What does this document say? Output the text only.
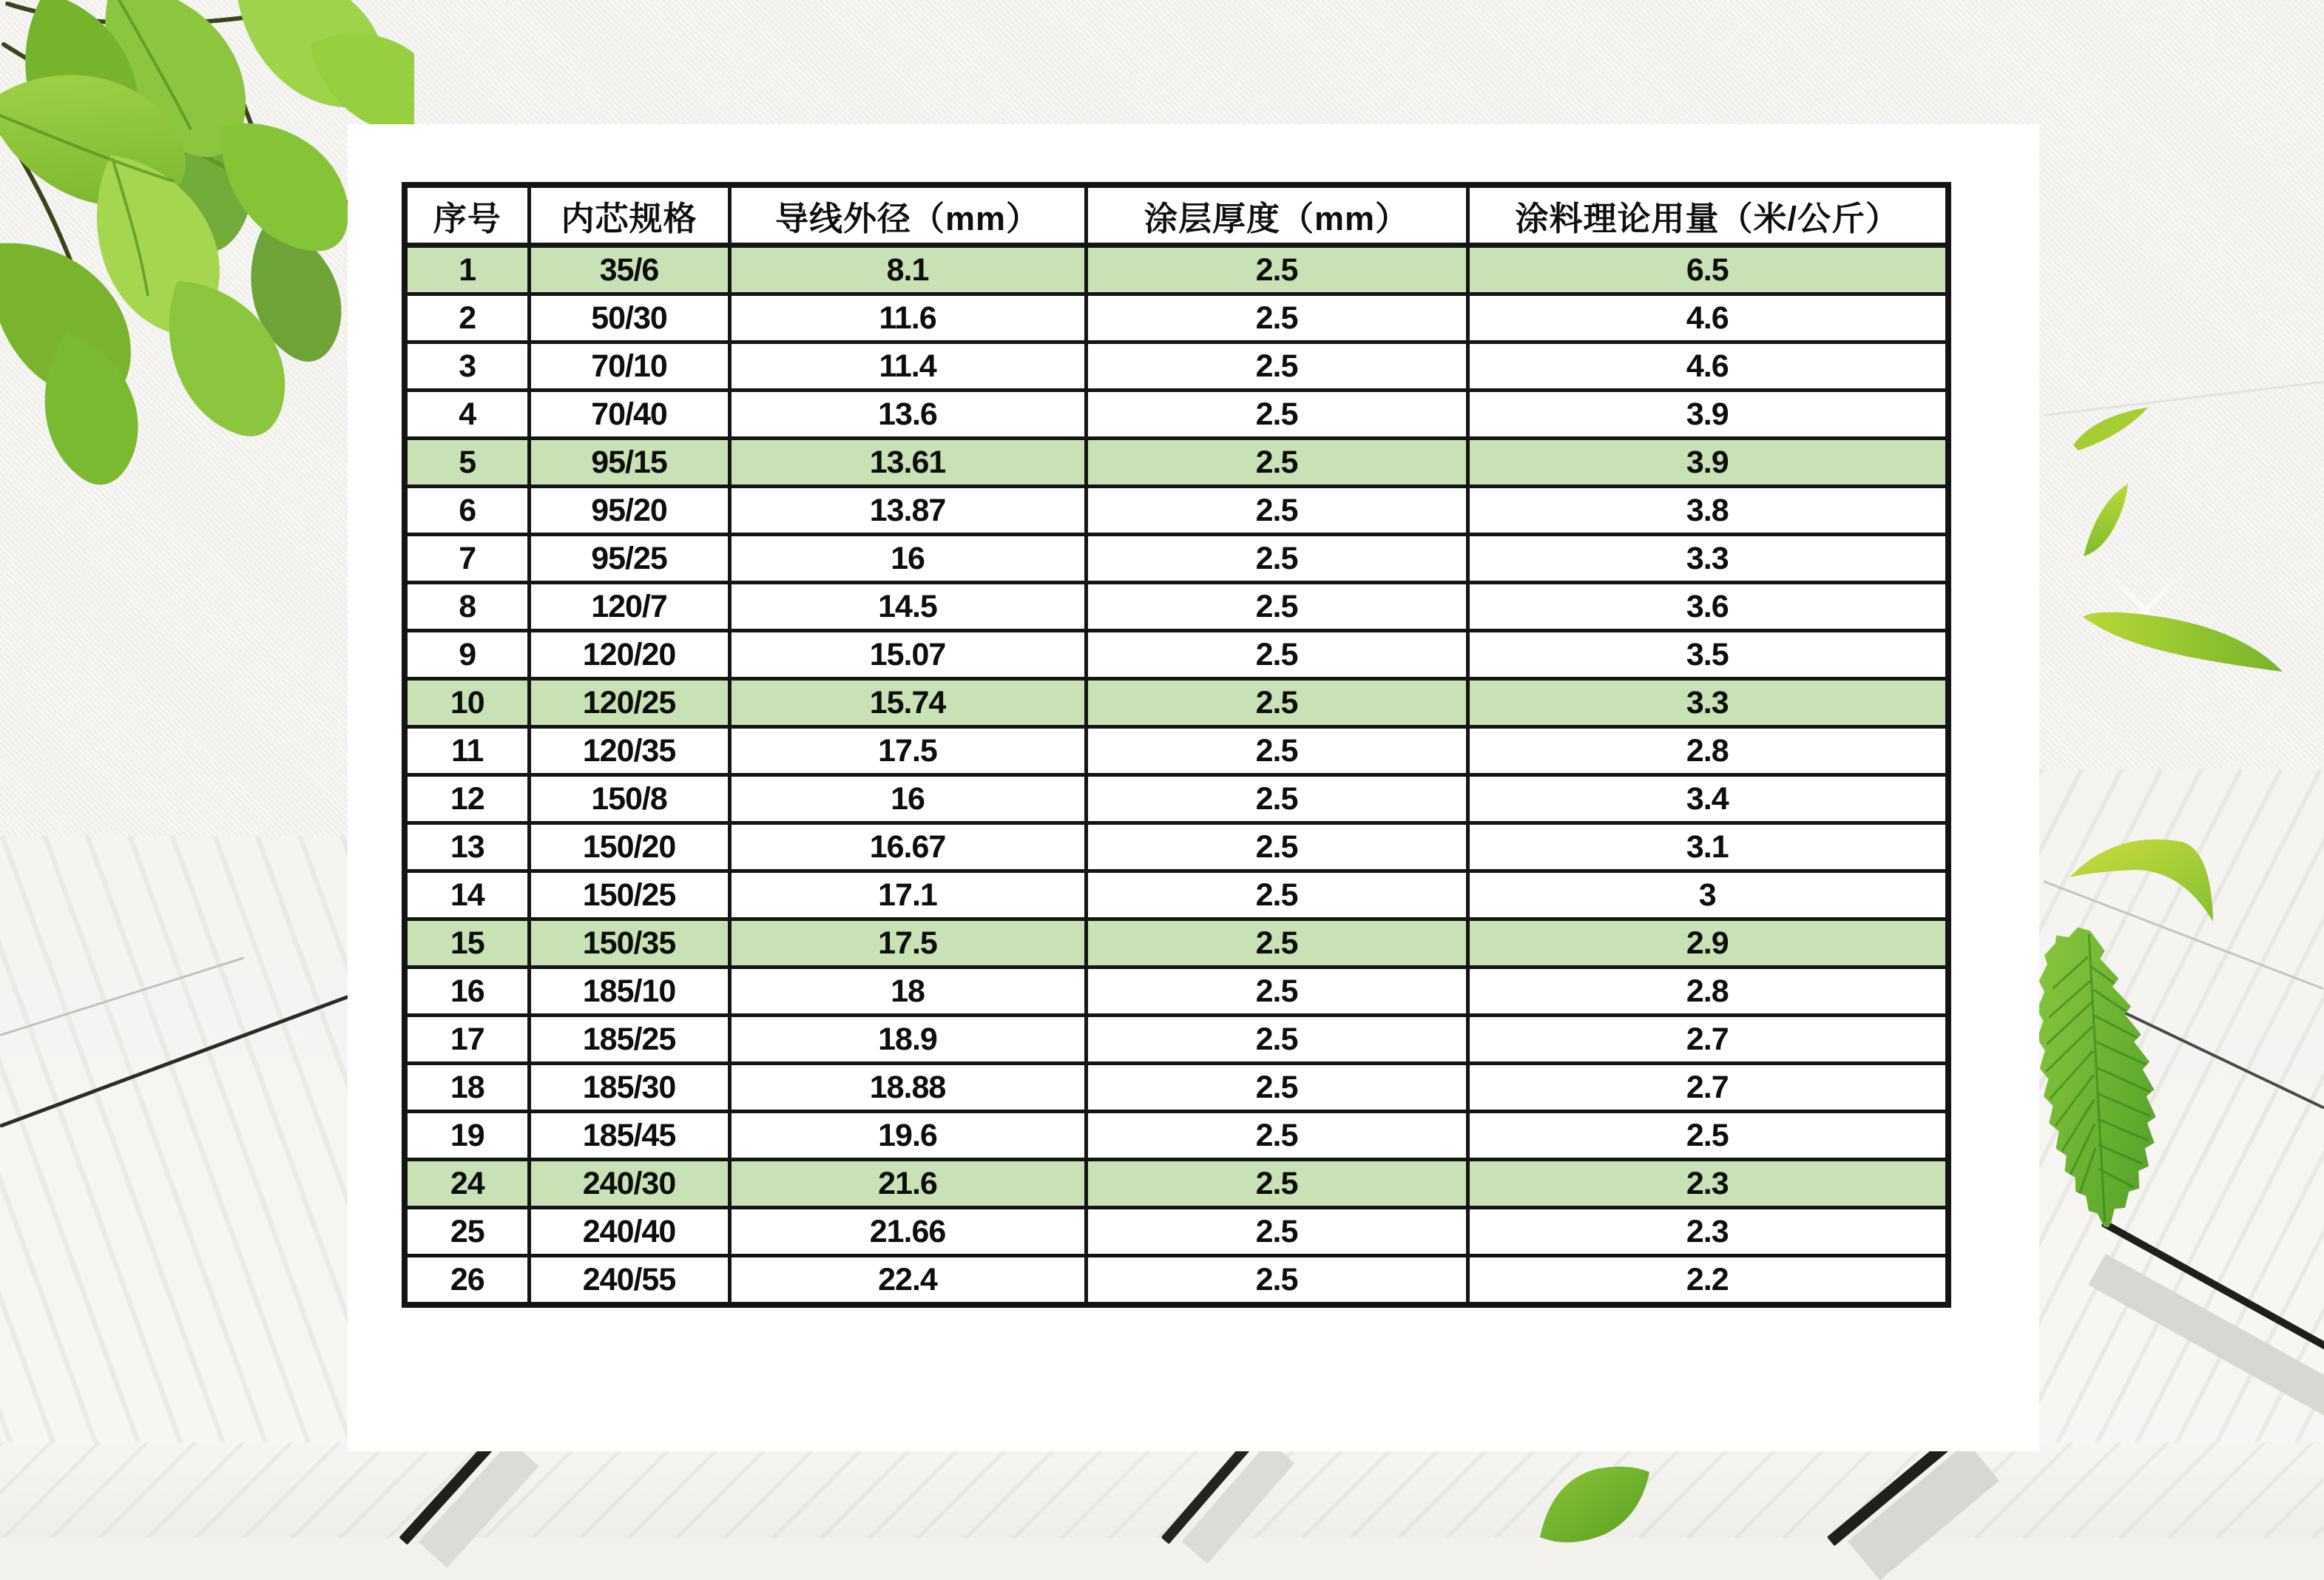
序号	内芯规格	导线外径（mm）	涂层厚度（mm）	涂料理论用量（米/公斤）
1	35/6	8.1	2.5	6.5
2	50/30	11.6	2.5	4.6
3	70/10	11.4	2.5	4.6
4	70/40	13.6	2.5	3.9
5	95/15	13.61	2.5	3.9
6	95/20	13.87	2.5	3.8
7	95/25	16	2.5	3.3
8	120/7	14.5	2.5	3.6
9	120/20	15.07	2.5	3.5
10	120/25	15.74	2.5	3.3
11	120/35	17.5	2.5	2.8
12	150/8	16	2.5	3.4
13	150/20	16.67	2.5	3.1
14	150/25	17.1	2.5	3
15	150/35	17.5	2.5	2.9
16	185/10	18	2.5	2.8
17	185/25	18.9	2.5	2.7
18	185/30	18.88	2.5	2.7
19	185/45	19.6	2.5	2.5
24	240/30	21.6	2.5	2.3
25	240/40	21.66	2.5	2.3
26	240/55	22.4	2.5	2.2
